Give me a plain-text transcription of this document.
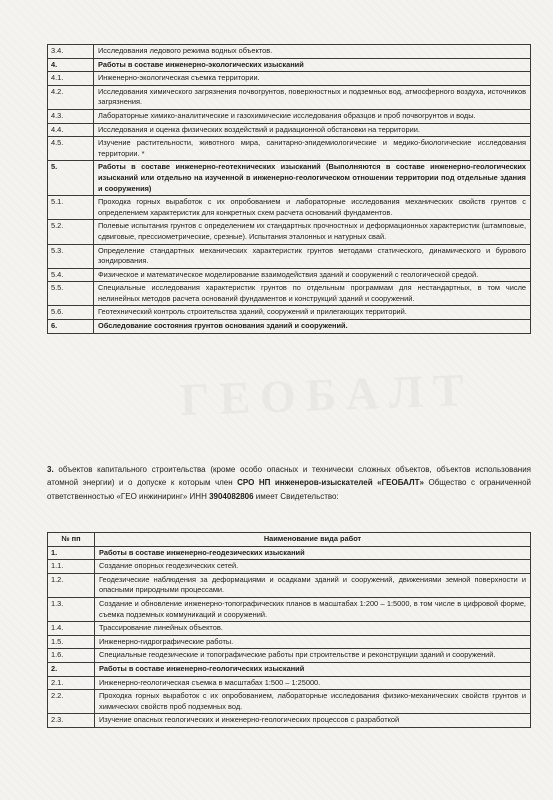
ГЕОБАЛТ
3.4.	Исследования ледового режима водных объектов.
4.	Работы в составе инженерно-экологических изысканий
4.1.	Инженерно-экологическая съемка территории.
4.2.	Исследования химического загрязнения почвогрунтов, поверхностных и подземных вод, атмосферного воздуха, источников загрязнения.
4.3.	Лабораторные химико-аналитические и газохимические исследования образцов и проб почвогрунтов и воды.
4.4.	Исследования и оценка физических воздействий и радиационной обстановки на территории.
4.5.	Изучение растительности, животного мира, санитарно-эпидемиологические и медико-биологические исследования территории. *
5.	Работы в составе инженерно-геотехнических изысканий (Выполняются в составе инженерно-геологических изысканий или отдельно на изученной в инженерно-геологическом отношении территории под отдельные здания и сооружения)
5.1.	Проходка горных выработок с их опробованием и лабораторные исследования механических свойств грунтов с определением характеристик для конкретных схем расчета оснований фундаментов.
5.2.	Полевые испытания грунтов с определением их стандартных прочностных и деформационных характеристик (штамповые, сдвиговые, прессиометрические, срезные). Испытания эталонных и натурных свай.
5.3.	Определение стандартных механических характеристик грунтов методами статического, динамического и бурового зондирования.
5.4.	Физическое и математическое моделирование взаимодействия зданий и сооружений с геологической средой.
5.5.	Специальные исследования характеристик грунтов по отдельным программам для нестандартных, в том числе нелинейных методов расчета оснований фундаментов и конструкций зданий и сооружений.
5.6.	Геотехнический контроль строительства зданий, сооружений и прилегающих территорий.
6.	Обследование состояния грунтов основания зданий и сооружений.
3. объектов капитального строительства (кроме особо опасных и технически сложных объектов, объектов использования атомной энергии) и о допуске к которым член СРО НП инженеров-изыскателей «ГЕОБАЛТ» Общество с ограниченной ответственностью «ГЕО инжиниринг» ИНН 3904082806 имеет Свидетельство:
№ пп	Наименование вида работ
1.	Работы в составе инженерно-геодезических изысканий
1.1.	Создание опорных геодезических сетей.
1.2.	Геодезические наблюдения за деформациями и осадками зданий и сооружений, движениями земной поверхности и опасными природными процессами.
1.3.	Создание и обновление инженерно-топографических планов в масштабах 1:200 – 1:5000, в том числе в цифровой форме, съемка подземных коммуникаций и сооружений.
1.4.	Трассирование линейных объектов.
1.5.	Инженерно-гидрографические работы.
1.6.	Специальные геодезические и топографические работы при строительстве и реконструкции зданий и сооружений.
2.	Работы в составе инженерно-геологических изысканий
2.1.	Инженерно-геологическая съемка в масштабах 1:500 – 1:25000.
2.2.	Проходка горных выработок с их опробованием, лабораторные исследования физико-механических свойств грунтов и химических свойств проб подземных вод.
2.3.	Изучение опасных геологических и инженерно-геологических процессов с разработкой
